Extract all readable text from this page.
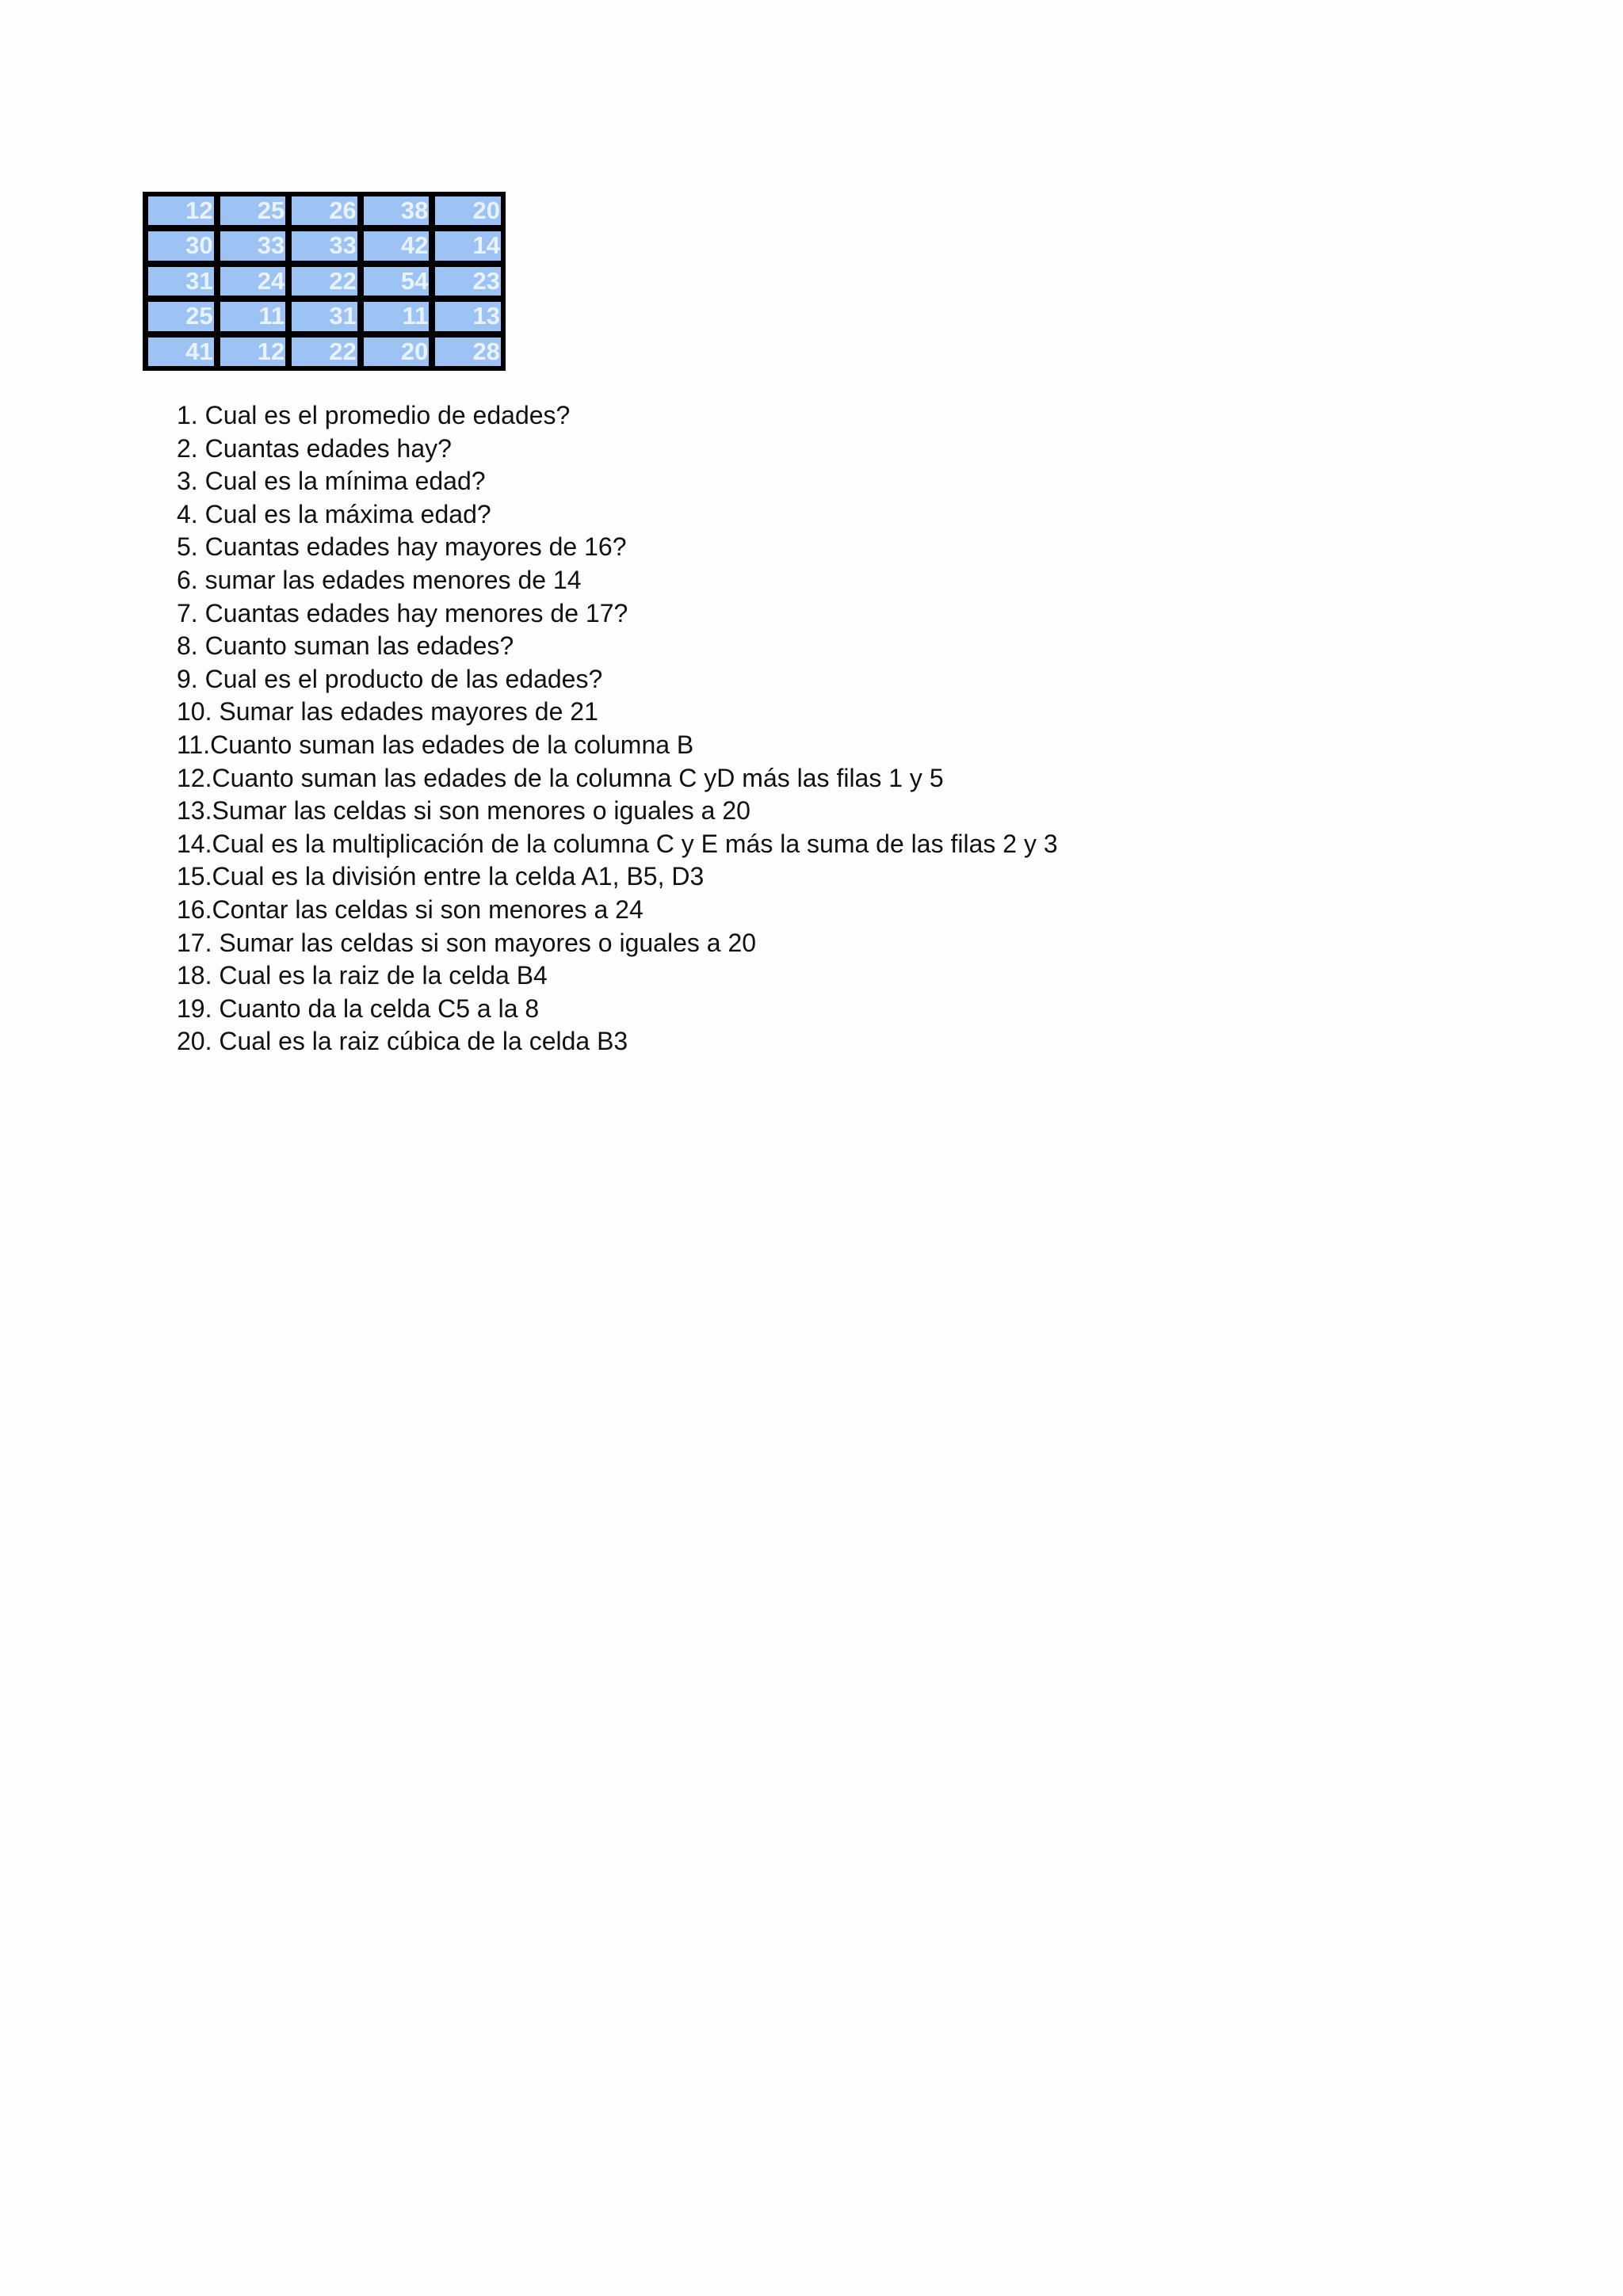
12	25	26	38	20
30	33	33	42	14
31	24	22	54	23
25	11	31	11	13
41	12	22	20	28
1. Cual es el promedio de edades?
2. Cuantas edades hay?
3. Cual es la mínima edad?
4. Cual es la máxima edad?
5. Cuantas edades hay mayores de 16?
6. sumar las edades menores de 14
7. Cuantas edades hay menores de 17?
8. Cuanto suman las edades?
9. Cual es el producto de las edades?
10. Sumar las edades mayores de 21
11.Cuanto suman las edades de la columna B
12.Cuanto suman las edades de la columna C yD más las filas 1 y 5
13.Sumar las celdas si son menores o iguales a 20
14.Cual es la multiplicación de la columna C y E más la suma de las filas 2 y 3
15.Cual es la división entre la celda A1, B5, D3
16.Contar las celdas si son menores a 24
17. Sumar las celdas si son mayores o iguales a 20
18. Cual es la raiz de la celda B4
19. Cuanto da la celda C5 a la 8
20. Cual es la raiz cúbica de la celda B3
